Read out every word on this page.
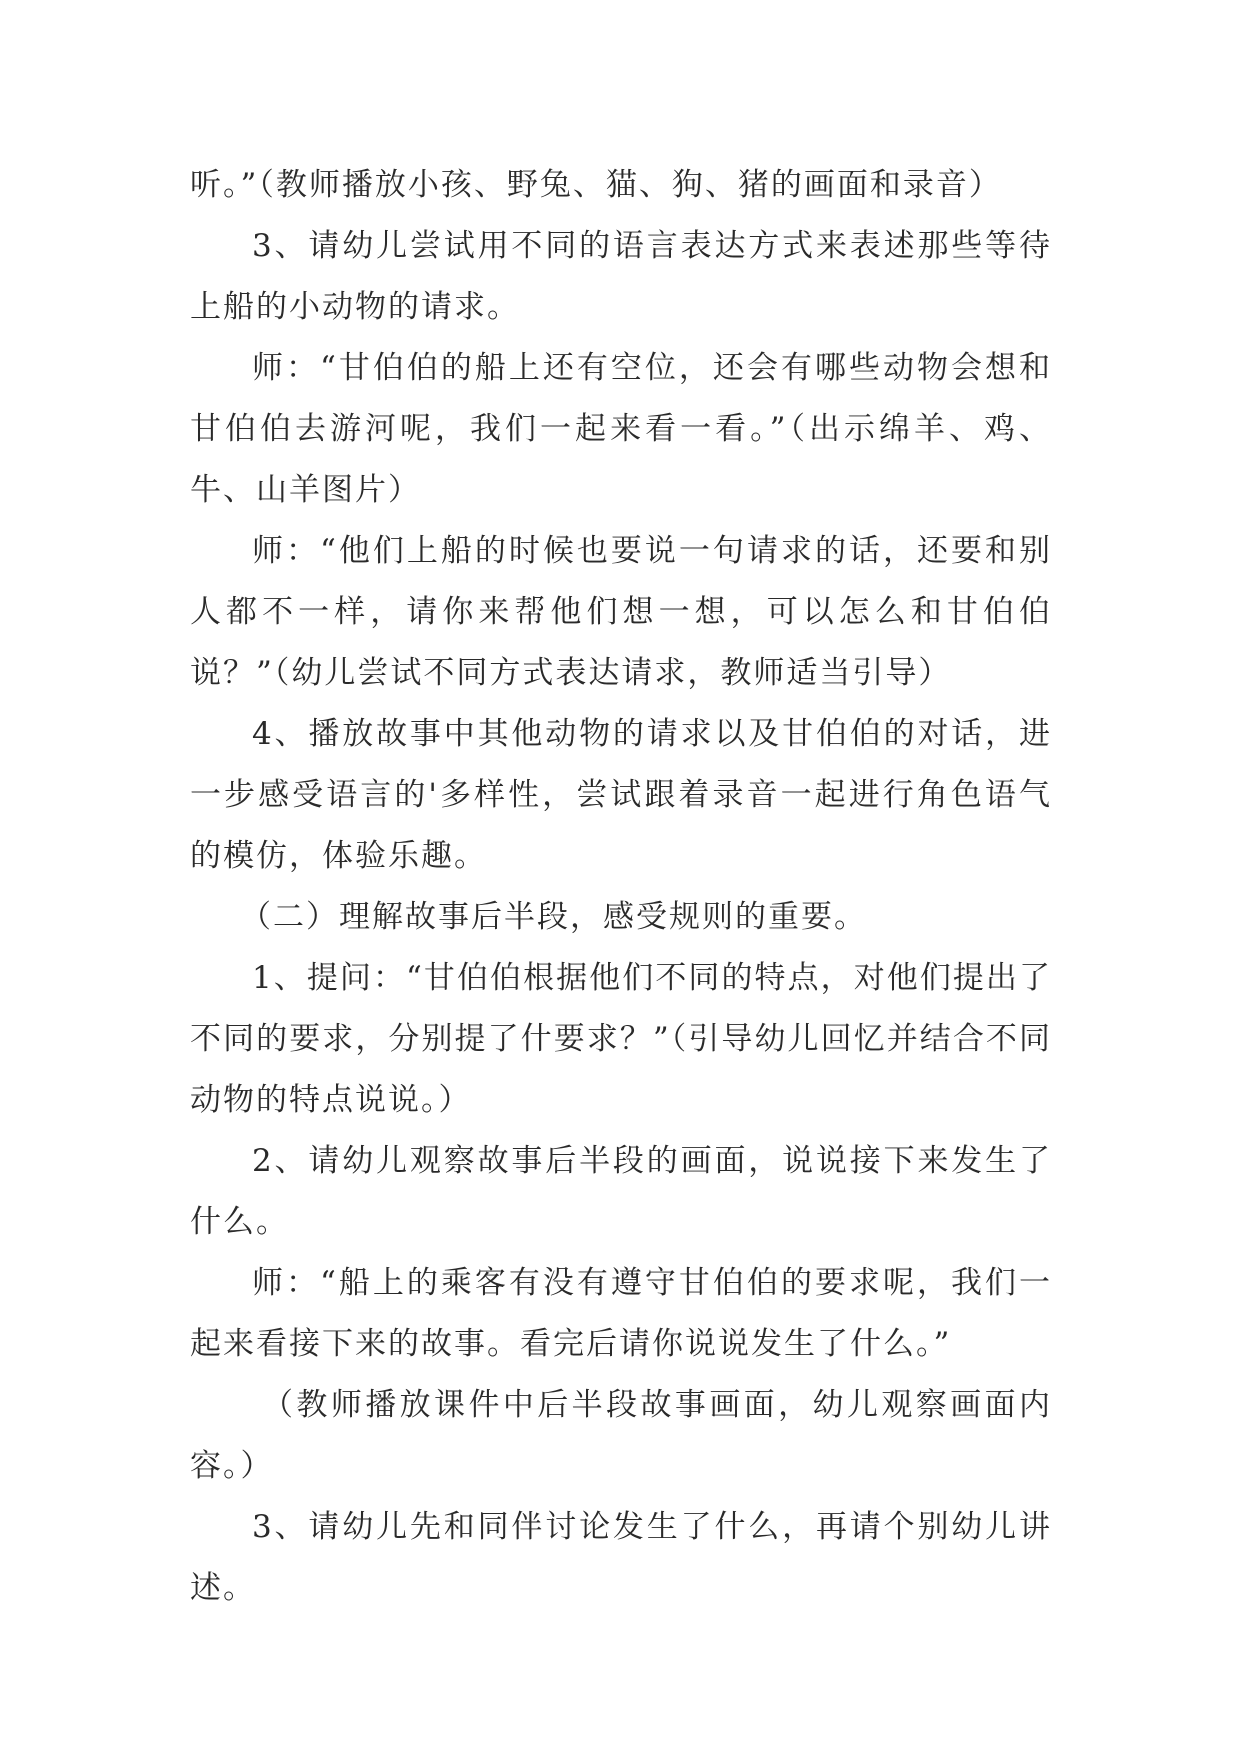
听。”（教师播放小孩、野兔、猫、狗、猪的画面和录音）

3、请幼儿尝试用不同的语言表达方式来表述那些等待上船的小动物的请求。

师：“甘伯伯的船上还有空位，还会有哪些动物会想和甘伯伯去游河呢，我们一起来看一看。”（出示绵羊、鸡、牛、山羊图片）

师：“他们上船的时候也要说一句请求的话，还要和别人都不一样，请你来帮他们想一想，可以怎么和甘伯伯说？”（幼儿尝试不同方式表达请求，教师适当引导）

4、播放故事中其他动物的请求以及甘伯伯的对话，进一步感受语言的'多样性，尝试跟着录音一起进行角色语气的模仿，体验乐趣。

（二）理解故事后半段，感受规则的重要。

1、提问：“甘伯伯根据他们不同的特点，对他们提出了不同的要求，分别提了什要求？”（引导幼儿回忆并结合不同动物的特点说说。）

2、请幼儿观察故事后半段的画面，说说接下来发生了什么。

师：“船上的乘客有没有遵守甘伯伯的要求呢，我们一起来看接下来的故事。看完后请你说说发生了什么。”

（教师播放课件中后半段故事画面，幼儿观察画面内容。）

3、请幼儿先和同伴讨论发生了什么，再请个别幼儿讲述。
